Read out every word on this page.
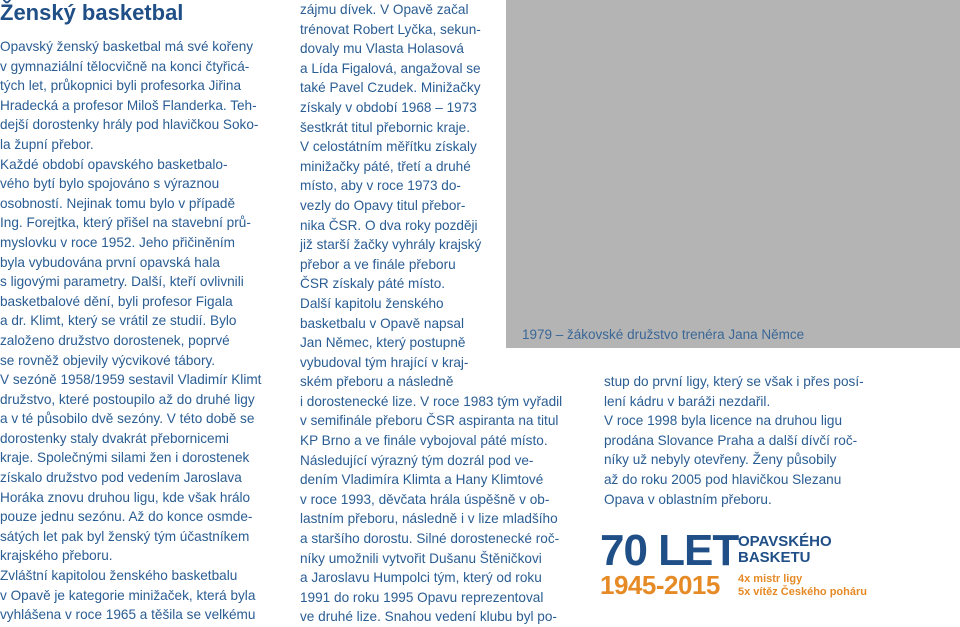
Ženský basketbal
Opavský ženský basketbal má své kořeny
v gymnaziální tělocvičně na konci čtyřicá-
tých let, průkopnici byli profesorka Jiřina
Hradecká a profesor Miloš Flanderka. Teh-
dejší dorostenky hrály pod hlavičkou Soko-
la župní přebor.
Každé období opavského basketbalo-
vého bytí bylo spojováno s výraznou
osobností. Nejinak tomu bylo v případě
Ing. Forejtka, který přišel na stavební prů-
myslovku v roce 1952. Jeho přičiněním
byla vybudována první opavská hala
s ligovými parametry. Další, kteří ovlivnili
basketbalové dění, byli profesor Figala
a dr. Klimt, který se vrátil ze studií. Bylo
založeno družstvo dorostenek, poprvé
se rovněž objevily výcvikové tábory.
V sezóně 1958/1959 sestavil Vladimír Klimt
družstvo, které postoupilo až do druhé ligy
a v té působilo dvě sezóny. V této době se
dorostenky staly dvakrát přebornicemi
kraje. Společnými silami žen i dorostenek
získalo družstvo pod vedením Jaroslava
Horáka znovu druhou ligu, kde však hrálo
pouze jednu sezónu. Až do konce osmde-
sátých let pak byl ženský tým účastníkem
krajského přeboru.
Zvláštní kapitolou ženského basketbalu
v Opavě je kategorie minižaček, která byla
vyhlášena v roce 1965 a těšila se velkému
zájmu dívek. V Opavě začal
trénovat Robert Lyčka, sekun-
dovaly mu Vlasta Holasová
a Lída Figalová, angažoval se
také Pavel Czudek. Minižačky
získaly v období 1968 – 1973
šestkrát titul přebornic kraje.
V celostátním měřítku získaly
minižačky páté, třetí a druhé
místo, aby v roce 1973 do-
vezly do Opavy titul přebor-
nika ČSR. O dva roky později
již starší žačky vyhrály krajský
přebor a ve finále přeboru
ČSR získaly páté místo.
Další kapitolu ženského
basketbalu v Opavě napsal
Jan Němec, který postupně
vybudoval tým hrající v kraj-
ském přeboru a následně
i dorostenecké lize. V roce 1983 tým vyřadil
v semifinále přeboru ČSR aspiranta na titul
KP Brno a ve finále vybojoval páté místo.
Následující výrazný tým dozrál pod ve-
dením Vladimíra Klimta a Hany Klimtové
v roce 1993, děvčata hrála úspěšně v ob-
lastním přeboru, následně i v lize mladšího
a staršího dorostu. Silné dorostenecké roč-
níky umožnili vytvořit Dušanu Štěničkovi
a Jaroslavu Humpolci tým, který od roku
1991 do roku 1995 Opavu reprezentoval
ve druhé lize. Snahou vedení klubu byl po-
1979 – žákovské družstvo trenéra Jana Němce
stup do první ligy, který se však i přes posí-
lení kádru v baráži nezdařil.
V roce 1998 byla licence na druhou ligu
prodána Slovance Praha a další dívčí roč-
níky už nebyly otevřeny. Ženy působily
až do roku 2005 pod hlavičkou Slezanu
Opava v oblastním přeboru.
70 LET
1945-2015
OPAVSKÉHO
BASKETU
4x mistr ligy
5x vítěz Českého poháru
